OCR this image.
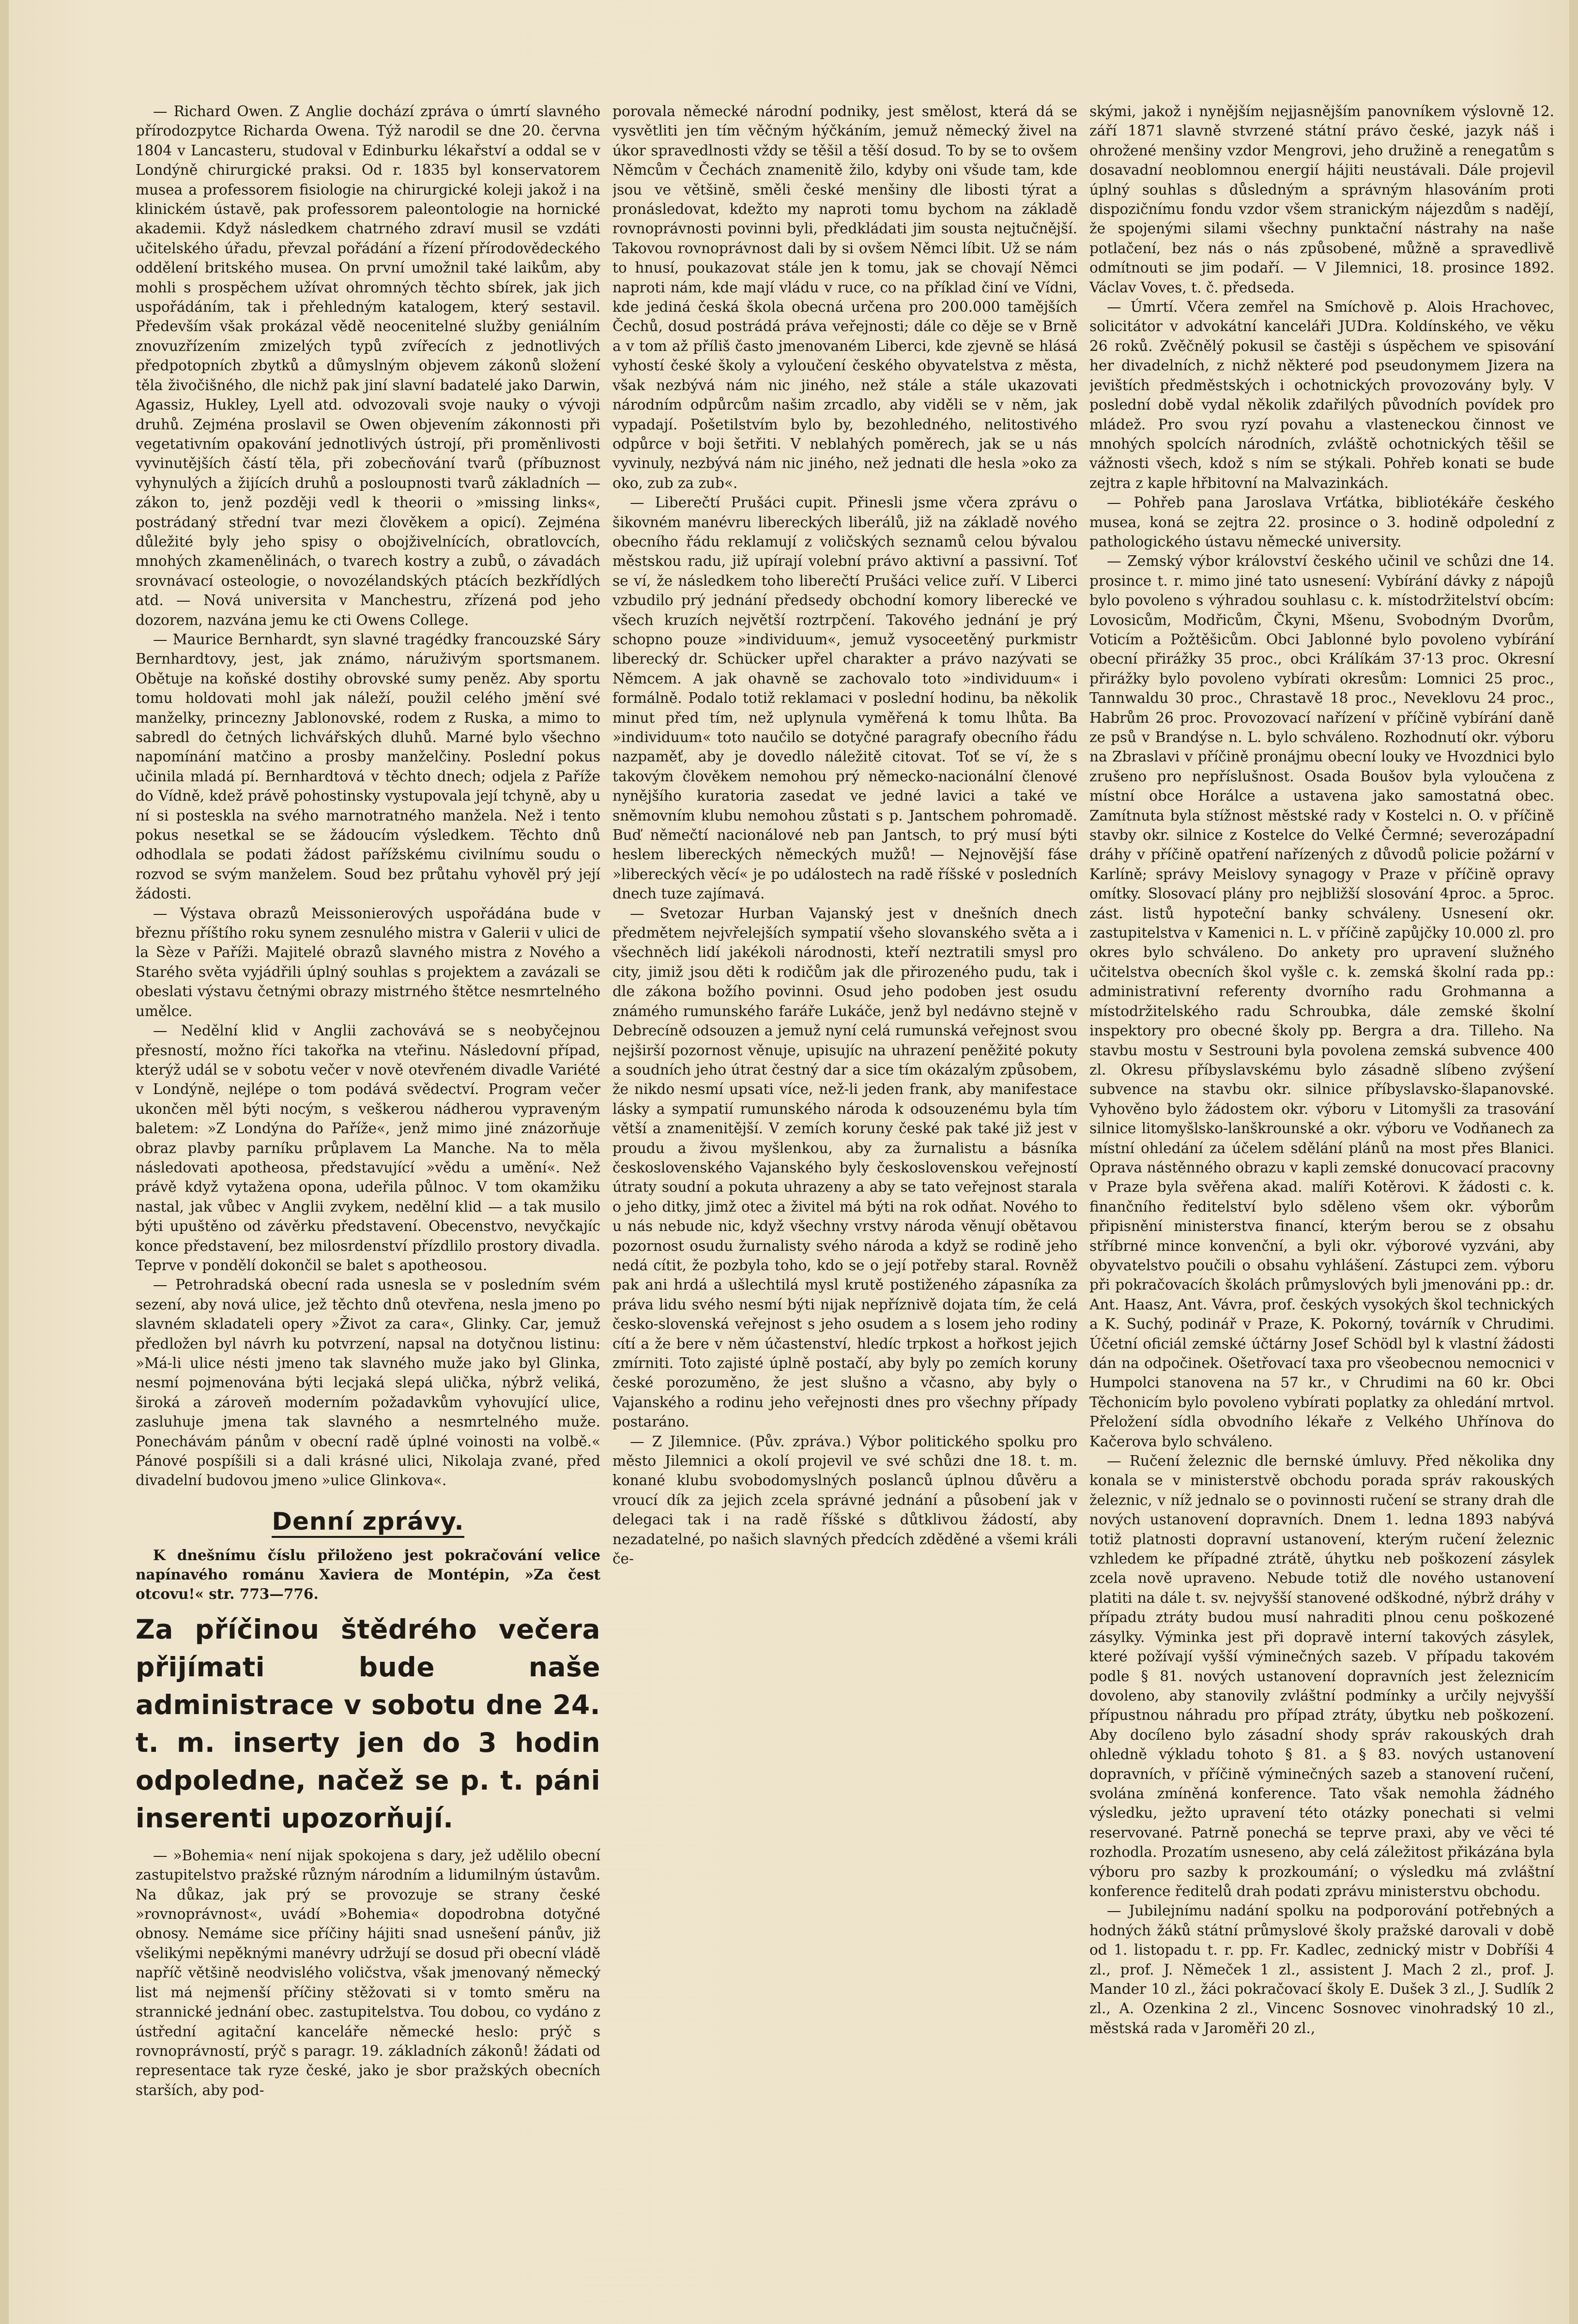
— Richard Owen. Z Anglie dochází zpráva o úmrtí slavného přírodozpytce Richarda Owena. Týž narodil se dne 20. června 1804 v Lancasteru, studoval v Edinburku lékařství a oddal se v Londýně chirurgické praksi. Od r. 1835 byl konservatorem musea a professorem fisiologie na chirurgické koleji jakož i na klinickém ústavě, pak professorem paleontologie na hornické akademii. Když následkem chatrného zdraví musil se vzdáti učitelského úřadu, převzal pořádání a řízení přírodovědeckého oddělení britského musea. On první umožnil také laikům, aby mohli s prospěchem užívat ohromných těchto sbírek, jak jich uspořádáním, tak i přehledným katalogem, který sestavil. Především však prokázal vědě neocenitelné služby geniálním znovuzřízením zmizelých typů zvířecích z jednotlivých předpotopních zbytků a důmyslným objevem zákonů složení těla živočišného, dle nichž pak jiní slavní badatelé jako Darwin, Agassiz, Hukley, Lyell atd. odvozovali svoje nauky o vývoji druhů. Zejména proslavil se Owen objevením zákonnosti při vegetativním opakování jednotlivých ústrojí, při proměnlivosti vyvinutějších částí těla, při zobecňování tvarů (příbuznost vyhynulých a žijících druhů a posloupnosti tvarů základních — zákon to, jenž později vedl k theorii o »missing links«, postrádaný střední tvar mezi člověkem a opicí). Zejména důležité byly jeho spisy o obojživelnících, obratlovcích, mnohých zkamenělinách, o tvarech kostry a zubů, o závadách srovnávací osteologie, o novozélandských ptácích bezkřídlých atd. — Nová universita v Manchestru, zřízená pod jeho dozorem, nazvána jemu ke cti Owens College.

— Maurice Bernhardt, syn slavné tragédky francouzské Sáry Bernhardtovy, jest, jak známo, náruživým sportsmanem. Obětuje na koňské dostihy obrovské sumy peněz. Aby sportu tomu holdovati mohl jak náleží, použil celého jmění své manželky, princezny Jablonovské, rodem z Ruska, a mimo to sabredl do četných lichvářských dluhů. Marné bylo všechno napomínání matčino a prosby manželčiny. Poslední pokus učinila mladá pí. Bernhardtová v těchto dnech; odjela z Paříže do Vídně, kdež právě pohostinsky vystupovala její tchyně, aby u ní si postesklа na svého marnotratného manžela. Než i tento pokus nesetkal se se žádoucím výsledkem. Těchto dnů odhodlala se podati žádost pařížskému civilnímu soudu o rozvod se svým manželem. Soud bez průtahu vyhověl prý její žádosti.

— Výstava obrazů Meissonierových uspořádána bude v březnu příštího roku synem zesnulého mistra v Galerii v ulici de la Sèze v Paříži. Majitelé obrazů slavného mistra z Nového a Starého světa vyjádřili úplný souhlas s projektem a zavázali se obeslati výstavu četnými obrazy mistrného štětce nesmrtelného umělce.

— Nedělní klid v Anglii zachovává se s neobyčejnou přesností, možno říci takořka na vteřinu. Následovní případ, kterýž udál se v sobotu večer v nově otevřeném divadle Variété v Londýně, nejlépe o tom podává svědectví. Program večer ukončen měl býti nocým, s veškerou nádherou vypraveným baletem: »Z Londýna do Paříže«, jenž mimo jiné znázorňuje obraz plavby parníku průplavem La Manche. Na to měla následovati apotheosa, představující »vědu a umění«. Než právě když vytažena opona, udeřila půlnoc. V tom okamžiku nastal, jak vůbec v Anglii zvykem, nedělní klid — a tak musilo býti upuštěno od závěrku představení. Obecenstvo, nevyčkajíc konce představení, bez milosrdenství přízdlilo prostory divadla. Teprve v pondělí dokončil se balet s apotheosou.

— Petrohradská obecní rada usnesla se v posledním svém sezení, aby nová ulice, jež těchto dnů otevřena, nesla jmeno po slavném skladateli opery »Život za cara«, Glinky. Car, jemuž předložen byl návrh ku potvrzení, napsal na dotyčnou listinu: »Má-li ulice nésti jmeno tak slavného muže jako byl Glinka, nesmí pojmenována býti lecjaká slepá ulička, nýbrž veliká, široká a zároveň moderním požadavkům vyhovující ulice, zasluhuje jmena tak slavného a nesmrtelného muže. Ponechávám pánům v obecní radě úplné voinosti na volbě.« Pánové pospíšili si a dali krásné ulici, Nikolaja zvané, před divadelní budovou jmeno »ulice Glinkova«.

Denní zprávy.
K dnešnímu číslu přiloženo jest pokračování velice napínavého románu Xaviera de Montépin, »Za čest otcovu!« str. 773—776.
Za příčinou štědrého večera přijímati bude naše administrace v sobotu dne 24. t. m. inserty jen do 3 hodin odpoledne, načež se p. t. páni inserenti upozorňují.

— »Bohemia« není nijak spokojena s dary, jež udělilo obecní zastupitelstvo pražské různým národním a lidumilným ústavům. Na důkaz, jak prý se provozuje se strany české »rovnoprávnost«, uvádí »Bohemia« dopodrobna dotyčné obnosy. Nemáme sice příčiny hájiti snad usnešení pánův, již všelikými nepěknými manévry udržují se dosud při obecní vládě napříč většině neodvislého voličstva, však jmenovaný německý list má nejmenší příčiny stěžovati si v tomto směru na strannické jednání obec. zastupitelstva. Tou dobou, co vydáno z ústřední agitační kanceláře německé heslo: prýč s rovnoprávností, prýč s paragr. 19. základních zákonů! žádati od representace tak ryze české, jako je sbor pražských obecních starších, aby pod-

porovala německé národní podniky, jest smělost, která dá se vysvětliti jen tím věčným hýčkáním, jemuž německý živel na úkor spravedlnosti vždy se těšil a těší dosud. To by se to ovšem Němcům v Čechách znamenitě žilo, kdyby oni všude tam, kde jsou ve většině, směli české menšiny dle libosti týrat a pronásledovat, kdežto my naproti tomu bychom na základě rovnoprávnosti povinni byli, předkládati jim sousta nejtučnější. Takovou rovnoprávnost dali by si ovšem Němci líbit. Už se nám to hnusí, poukazovat stále jen k tomu, jak se chovají Němci naproti nám, kde mají vládu v ruce, co na příklad činí ve Vídni, kde jediná česká škola obecná určena pro 200.000 tamějších Čechů, dosud postrádá práva veřejnosti; dále co děje se v Brně a v tom až příliš často jmenovaném Liberci, kde zjevně se hlásá vyhostí české školy a vyloučení českého obyvatelstva z města, však nezbývá nám nic jiného, než stále a stále ukazovati národním odpůrcům našim zrcadlo, aby viděli se v něm, jak vypadají. Pošetilstvím bylo by, bezohledného, nelitostivého odpůrce v boji šetřiti. V neblahých poměrech, jak se u nás vyvinuly, nezbývá nám nic jiného, než jednati dle hesla »oko za oko, zub za zub«.

— Liberečtí Prušáci cupit. Přinesli jsme včera zprávu o šikovném manévru libereckých liberálů, již na základě nového obecního řádu reklamují z voličských seznamů celou bývalou městskou radu, již upírají volební právo aktivní a passivní. Toť se ví, že následkem toho liberečtí Prušáci velice zuří. V Liberci vzbudilo prý jednání předsedy obchodní komory liberecké ve všech kruzích největší roztrpčení. Takového jednání je prý schopno pouze »individuum«, jemuž vysoceetěný purkmistr liberecký dr. Schücker upřel charakter a právo nazývati se Němcem. A jak ohavně se zachovalo toto »individuum« i formálně. Podalo totiž reklamaci v poslední hodinu, ba několik minut před tím, než uplynula vyměřená k tomu lhůta. Ba »individuum« toto naučilo se dotyčné paragrafy obecního řádu nazpaměť, aby je dovedlo náležitě citovat. Toť se ví, že s takovým člověkem nemohou prý německo-nacionální členové nynějšího kuratoria zasedat ve jedné lavici a také ve sněmovním klubu nemohou zůstati s p. Jantschem pohromadě. Buď němečtí nacionálové neb pan Jantsch, to prý musí býti heslem libereckých německých mužů! — Nejnovější fáse »libereckých věcí« je po událostech na radě říšské v posledních dnech tuze zajímavá.

— Svetozar Hurban Vajanský jest v dnešních dnech předmětem nejvřelejších sympatií všeho slovanského světa a i všechněch lidí jakékoli národnosti, kteří neztratili smysl pro city, jimiž jsou děti k rodičům jak dle přirozeného pudu, tak i dle zákona božího povinni. Osud jeho podoben jest osudu známého rumunského faráře Lukáče, jenž byl nedávno stejně v Debrecíně odsouzen a jemuž nyní celá rumunská veřejnost svou nejširší pozornost věnuje, upisujíc na uhrazení peněžité pokuty a soudních jeho útrat čestný dar a sice tím okázalým způsobem, že nikdo nesmí upsati více, než-li jeden frank, aby manifestace lásky a sympatií rumunského národa k odsouzenému byla tím větší a znamenitější. V zemích koruny české pak také již jest v proudu a živou myšlenkou, aby za žurnalistu a básníka československého Vajanského byly československou veřejností útraty soudní a pokuta uhrazeny a aby se tato veřejnost starala o jeho ditky, jimž otec a živitel má býti na rok odňat. Nového to u nás nebude nic, když všechny vrstvy národa věnují obětavou pozornost osudu žurnalisty svého národa a když se rodině jeho nedá cítit, že pozbyla toho, kdo se o její potřeby staral. Rovněž pak ani hrdá a ušlechtilá mysl krutě postiženého zápasníka za práva lidu svého nesmí býti nijak nepříznivě dojata tím, že celá česko-slovenská veřejnost s jeho osudem a s losem jeho rodiny cítí a že bere v něm účastenství, hledíc trpkost a hořkost jejich zmírniti. Toto zajisté úplně postačí, aby byly po zemích koruny české porozuměno, že jest slušno a včasno, aby byly o Vajanského a rodinu jeho veřejnosti dnes pro všechny případy postaráno.

— Z Jilemnice. (Pův. zpráva.) Výbor politického spolku pro město Jilemnici a okolí projevil ve své schůzi dne 18. t. m. konané klubu svobodomyslných poslanců úplnou důvěru a vroucí dík za jejich zcela správné jednání a působení jak v delegaci tak i na radě říšské s důtklivou žádostí, aby nezadatelné, po našich slavných předcích zděděné a všemi králi če-

skými, jakož i nynějším nejjasnějším panovníkem výslovně 12. září 1871 slavně stvrzené státní právo české, jazyk náš i ohrožené menšiny vzdor Mengrovi, jeho družině a renegatům s dosavadní neoblomnou energií hájiti neustávali. Dále projevil úplný souhlas s důsledným a správným hlasováním proti dispozičnímu fondu vzdor všem stranickým nájezdům s nadějí, že spojenými silami všechny punktační nástrahy na naše potlačení, bez nás o nás způsobené, můžně a spravedlivě odmítnouti se jim podaří. — V Jilemnici, 18. prosince 1892. Václav Voves, t. č. předseda.

— Úmrtí. Včera zemřel na Smíchově p. Alois Hrachovec, solicitátor v advokátní kanceláři JUDra. Koldínského, ve věku 26 roků. Zvěčnělý pokusil se častěji s úspěchem ve spisování her divadelních, z nichž některé pod pseudonymem Jizera na jevištích předměstských i ochotnických provozovány byly. V poslední době vydal několik zdařilých původních povídek pro mládež. Pro svou ryzí povahu a vlasteneckou činnost ve mnohých spolcích národních, zvláště ochotnických těšil se vážnosti všech, kdož s ním se stýkali. Pohřeb konati se bude zejtra z kaple hřbitovní na Malvazinkách.

— Pohřeb pana Jaroslava Vrťátka, bibliotékáře českého musea, koná se zejtra 22. prosince o 3. hodině odpolední z pathologického ústavu německé university.

— Zemský výbor království českého učinil ve schůzi dne 14. prosince t. r. mimo jiné tato usnesení: Vybírání dávky z nápojů bylo povoleno s výhradou souhlasu c. k. místodržitelství obcím: Lovosicům, Modřicům, Čkyni, Mšenu, Svobodným Dvorům, Voticím a Požtěšicům. Obci Jablonné bylo povoleno vybírání obecní přirážky 35 proc., obci Králíkám 37·13 proc. Okresní přirážky bylo povoleno vybírati okresům: Lomnici 25 proc., Tannwaldu 30 proc., Chrastavě 18 proc., Neveklovu 24 proc., Habrům 26 proc. Provozovací nařízení v příčině vybírání daně ze psů v Brandýse n. L. bylo schváleno. Rozhodnutí okr. výboru na Zbraslavi v příčině pronájmu obecní louky ve Hvozdnici bylo zrušeno pro nepříslušnost. Osada Boušov byla vyloučena z místní obce Horálce a ustavena jako samostatná obec. Zamítnuta byla stížnost městské rady v Kostelci n. O. v příčině stavby okr. silnice z Kostelce do Velké Čermné; severozápadní dráhy v příčině opatření nařízených z důvodů policie požární v Karlíně; správy Meislovy synagogy v Praze v příčině opravy omítky. Slosovací plány pro nejbližší slosování 4proc. a 5proc. zást. listů hypoteční banky schváleny. Usnesení okr. zastupitelstva v Kamenici n. L. v příčině zapůjčky 10.000 zl. pro okres bylo schváleno. Do ankety pro upravení služného učitelstva obecních škol vyšle c. k. zemská školní rada pp.: administrativní referenty dvorního radu Grohmanna a místodržitelského radu Schroubka, dále zemské školní inspektory pro obecné školy pp. Bergra a dra. Tilleho. Na stavbu mostu v Sestrouni byla povolena zemská subvence 400 zl. Okresu příbyslavskému bylo zásadně slíbeno zvýšení subvence na stavbu okr. silnice příbyslavsko-šlapanovské. Vyhověno bylo žádostem okr. výboru v Litomyšli za trasování silnice litomyšlsko-lanškrounské a okr. výboru ve Vodňanech za místní ohledání za účelem sdělání plánů na most přes Blanici. Oprava nástěnného obrazu v kapli zemské donucovací pracovny v Praze byla svěřena akad. malíři Kotěrovi. K žádosti c. k. finančního ředitelství bylo sděleno všem okr. výborům připisnění ministerstva financí, kterým berou se z obsahu stříbrné mince konvenční, a byli okr. výborové vyzváni, aby obyvatelstvo poučili o obsahu vyhlášení. Zástupci zem. výboru při pokračovacích školách průmyslových byli jmenováni pp.: dr. Ant. Haasz, Ant. Vávra, prof. českých vysokých škol technických a K. Suchý, podinář v Praze, K. Pokorný, továrník v Chrudimi. Účetní oficiál zemské účtárny Josef Schödl byl k vlastní žádosti dán na odpočinek. Ošetřovací taxa pro všeobecnou nemocnici v Humpolci stanovena na 57 kr., v Chrudimi na 60 kr. Obci Těchonicím bylo povoleno vybírati poplatky za ohledání mrtvol. Přeložení sídla obvodního lékaře z Velkého Uhřínova do Kačerova bylo schváleno.

— Ručení železnic dle bernské úmluvy. Před několika dny konala se v ministerstvě obchodu porada správ rakouských železnic, v níž jednalo se o povinnosti ručení se strany drah dle nových ustanovení dopravních. Dnem 1. ledna 1893 nabývá totiž platnosti dopravní ustanovení, kterým ručení železnic vzhledem ke případné ztrátě, úhytku neb poškození zásylek zcela nově upraveno. Nebude totiž dle nového ustanovení platiti na dále t. sv. nejvyšší stanovené odškodné, nýbrž dráhy v případu ztráty budou musí nahraditi plnou cenu poškozené zásylky. Výminka jest při dopravě interní takových zásylek, které požívají vyšší výminečných sazeb. V případu takovém podle § 81. nových ustanovení dopravních jest železnicím dovoleno, aby stanovily zvláštní podmínky a určily nejvyšší přípustnou náhradu pro případ ztráty, úbytku neb poškození. Aby docíleno bylo zásadní shody správ rakouských drah ohledně výkladu tohoto § 81. a § 83. nových ustanovení dopravních, v příčině výminečných sazeb a stanovení ručení, svolána zmíněná konference. Tato však nemohla žádného výsledku, ježto upravení této otázky ponechati si velmi reservované. Patrně ponechá se teprve praxi, aby ve věci té rozhodla. Prozatím usneseno, aby celá záležitost přikázána byla výboru pro sazby k prozkoumání; o výsledku má zvláštní konference ředitelů drah podati zprávu ministerstvu obchodu.

— Jubilejnímu nadání spolku na podporování potřebných a hodných žáků státní průmyslové školy pražské darovali v době od 1. listopadu t. r. pp. Fr. Kadlec, zednický mistr v Dobříši 4 zl., prof. J. Němeček 1 zl., assistent J. Mach 2 zl., prof. J. Mander 10 zl., žáci pokračovací školy E. Dušek 3 zl., J. Sudlík 2 zl., A. Ozenkina 2 zl., Vincenc Sosnovec vinohradský 10 zl., městská rada v Jaroměři 20 zl.,
